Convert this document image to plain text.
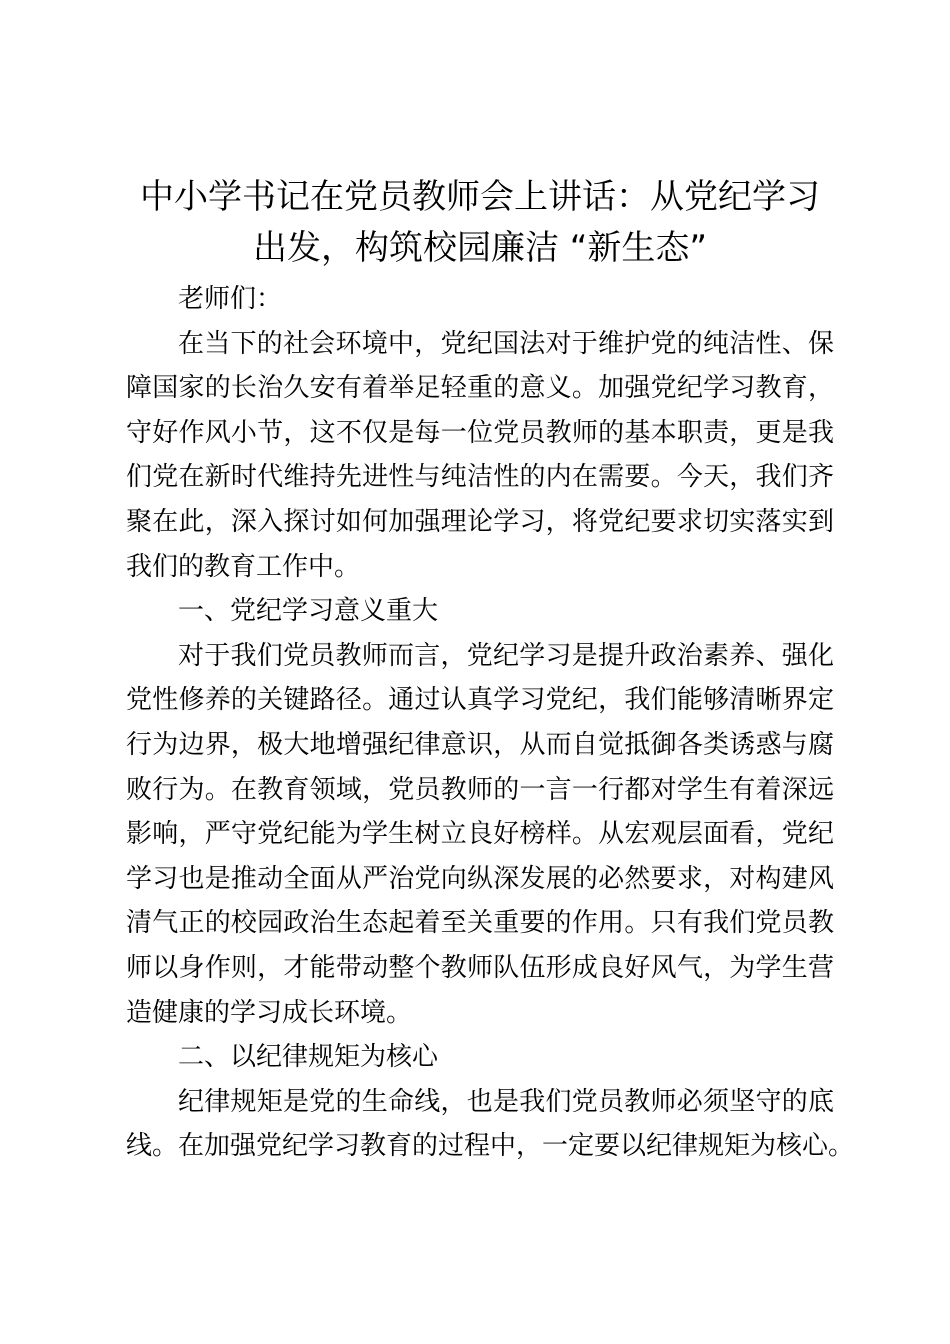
中小学书记在党员教师会上讲话：从党纪学习
出发，构筑校园廉洁 “新生态”

老师们：

在当下的社会环境中，党纪国法对于维护党的纯洁性、保
障国家的长治久安有着举足轻重的意义。加强党纪学习教育，
守好作风小节，这不仅是每一位党员教师的基本职责，更是我
们党在新时代维持先进性与纯洁性的内在需要。今天，我们齐
聚在此，深入探讨如何加强理论学习，将党纪要求切实落实到
我们的教育工作中。

一、党纪学习意义重大

对于我们党员教师而言，党纪学习是提升政治素养、强化
党性修养的关键路径。通过认真学习党纪，我们能够清晰界定
行为边界，极大地增强纪律意识，从而自觉抵御各类诱惑与腐
败行为。在教育领域，党员教师的一言一行都对学生有着深远
影响，严守党纪能为学生树立良好榜样。从宏观层面看，党纪
学习也是推动全面从严治党向纵深发展的必然要求，对构建风
清气正的校园政治生态起着至关重要的作用。只有我们党员教
师以身作则，才能带动整个教师队伍形成良好风气，为学生营
造健康的学习成长环境。

二、以纪律规矩为核心

纪律规矩是党的生命线，也是我们党员教师必须坚守的底
线。在加强党纪学习教育的过程中，一定要以纪律规矩为核心。
